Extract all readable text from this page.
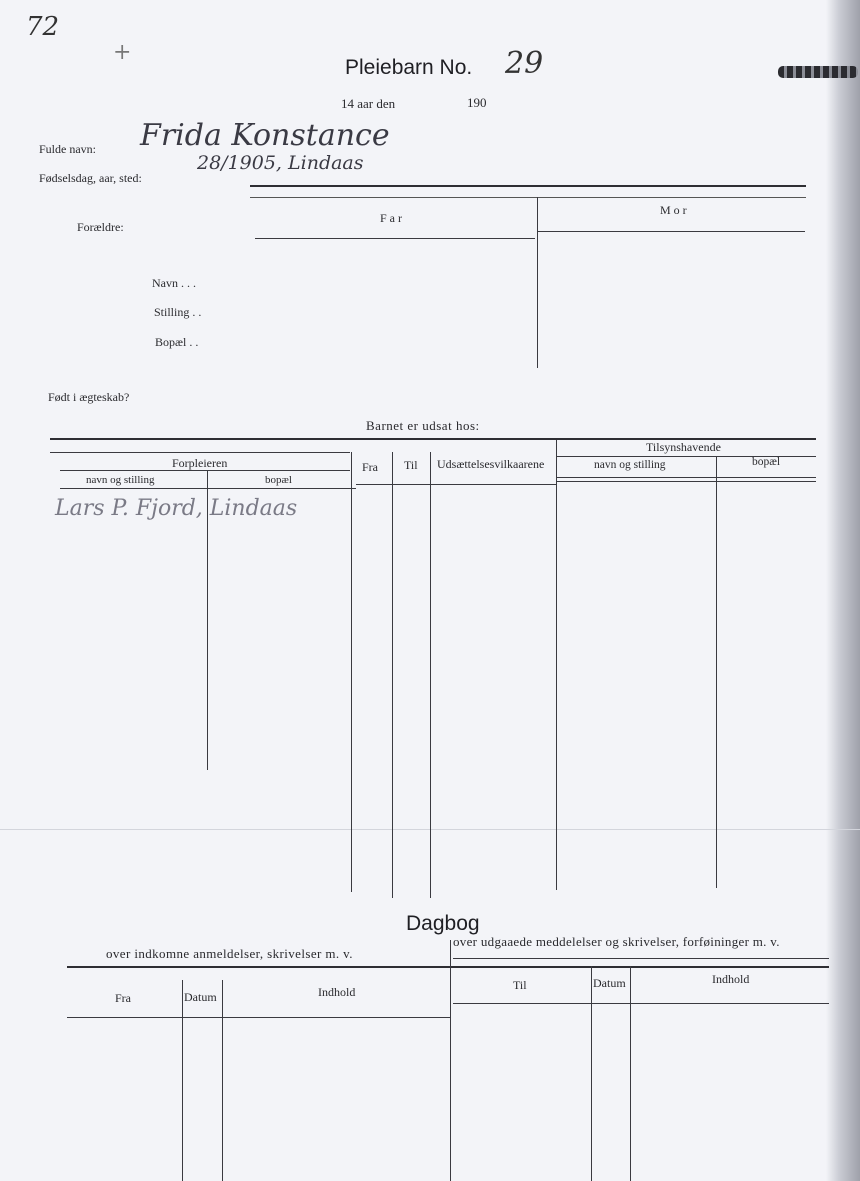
72
+
Pleiebarn No. 29
14 aar den	190
Fulde navn: Frida Konstance
Fødselsdag, aar, sted:
28/1905, Lindaas
Forældre:
Far
Mor
Navn . . .
Stilling . .
Bopæl . .
Født i ægteskab?
Barnet er udsat hos:
Forpleieren
navn og stilling	bopæl
Fra Til Udsættelsesvilkaarene
Tilsynshavende
navn og stilling	bopæl
Lars P. Fjord, Lindaas
Dagbog
over indkomne anmeldelser, skrivelser m. v.
over udgaaede meddelelser og skrivelser, forføininger m. v.
Fra	Datum	Indhold	Til	Datum	Indhold
